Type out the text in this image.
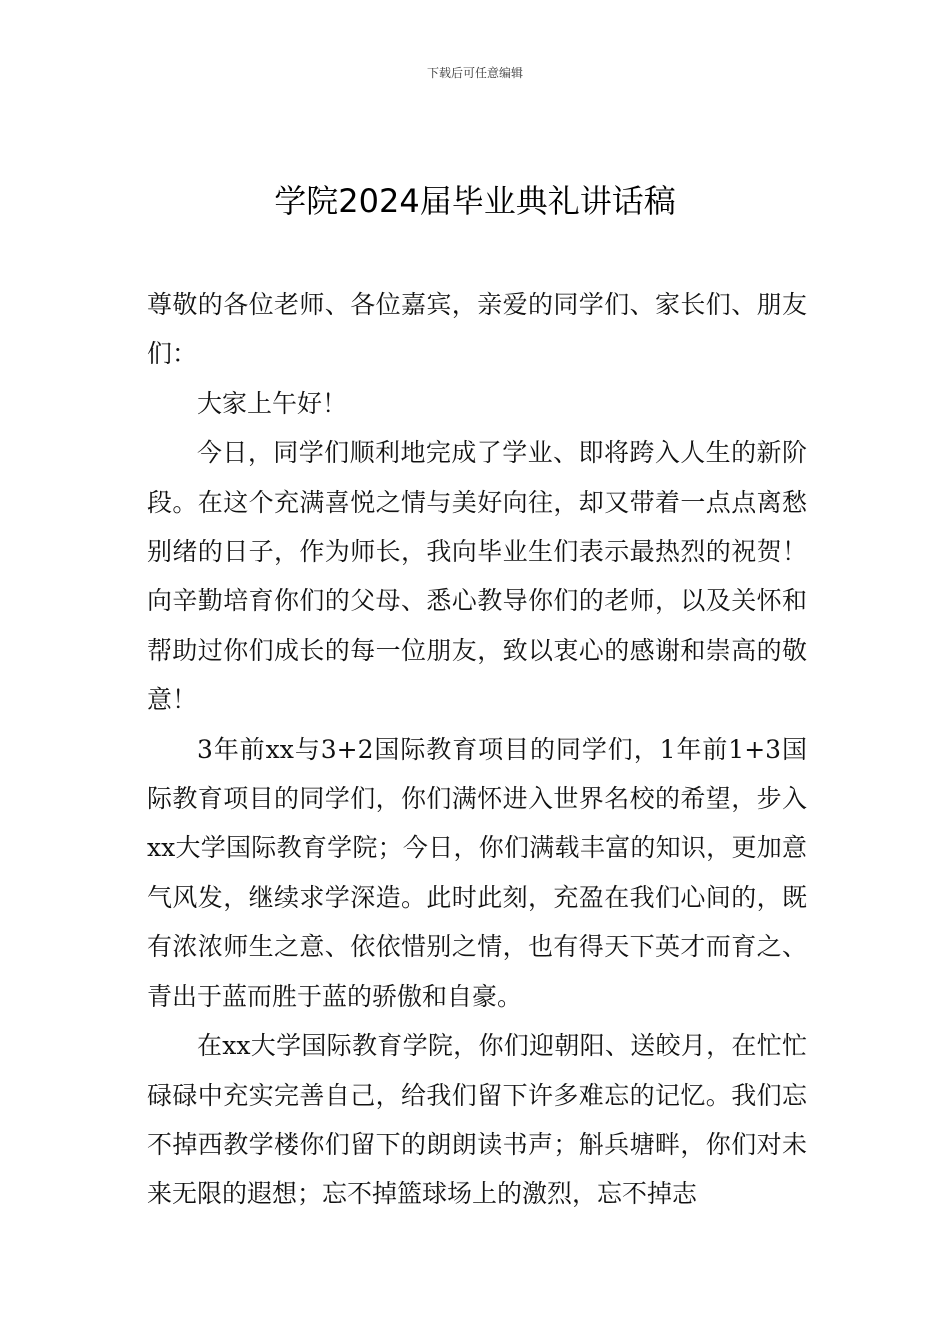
下载后可任意编辑
学院2024届毕业典礼讲话稿

尊敬的各位老师、各位嘉宾，亲爱的同学们、家长们、朋友们：

大家上午好！

今日，同学们顺利地完成了学业、即将跨入人生的新阶段。在这个充满喜悦之情与美好向往，却又带着一点点离愁别绪的日子，作为师长，我向毕业生们表示最热烈的祝贺！向辛勤培育你们的父母、悉心教导你们的老师，以及关怀和帮助过你们成长的每一位朋友，致以衷心的感谢和崇高的敬意！

3年前xx与3+2国际教育项目的同学们，1年前1+3国际教育项目的同学们，你们满怀进入世界名校的希望，步入xx大学国际教育学院；今日，你们满载丰富的知识，更加意气风发，继续求学深造。此时此刻，充盈在我们心间的，既有浓浓师生之意、依依惜别之情，也有得天下英才而育之、青出于蓝而胜于蓝的骄傲和自豪。

在xx大学国际教育学院，你们迎朝阳、送皎月，在忙忙碌碌中充实完善自己，给我们留下许多难忘的记忆。我们忘不掉西教学楼你们留下的朗朗读书声；斛兵塘畔，你们对未来无限的遐想；忘不掉篮球场上的激烈，忘不掉志
